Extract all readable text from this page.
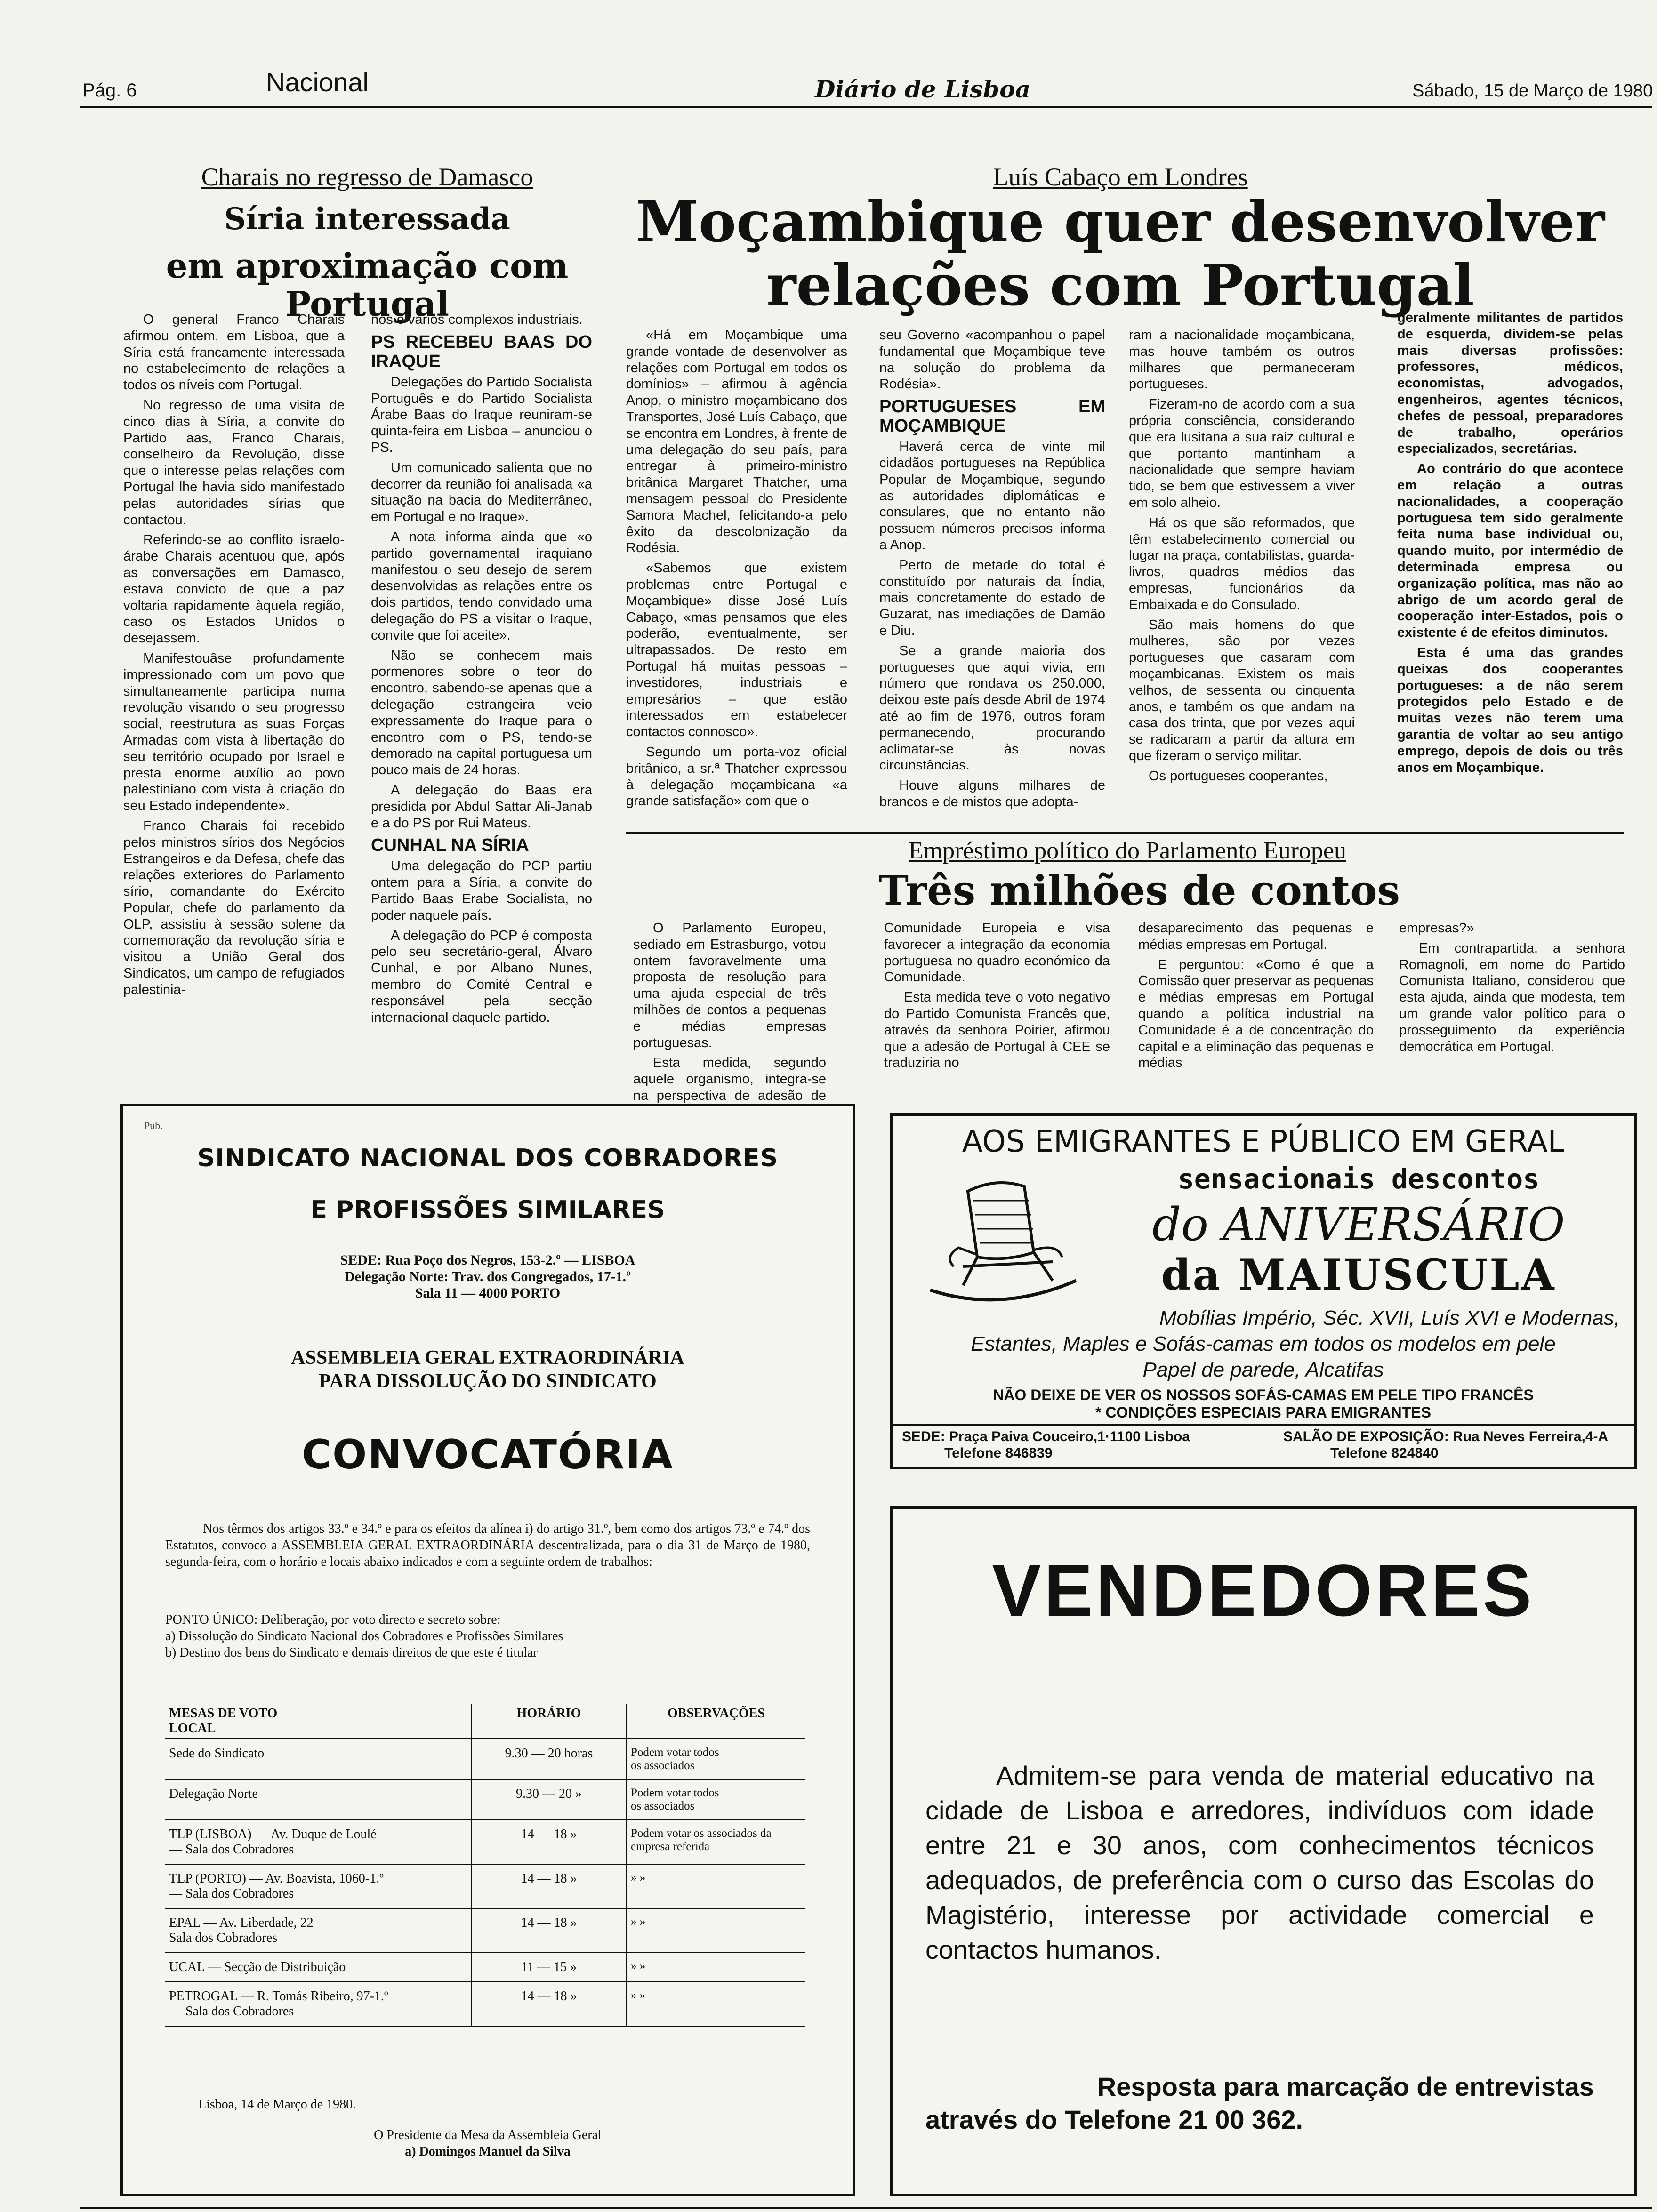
Pág. 6	Nacional	Diário de Lisboa	Sábado, 15 de Março de 1980
Charais no regresso de Damasco
Síria interessada
em aproximação com Portugal

O general Franco Charais afirmou ontem, em Lisboa, que a Síria está francamente interessada no estabelecimento de relações a todos os níveis com Portugal.

No regresso de uma visita de cinco dias à Síria, a convite do Partido aas, Franco Charais, conselheiro da Revolução, disse que o interesse pelas relações com Portugal lhe havia sido manifestado pelas autoridades sírias que contactou.

Referindo-se ao conflito israelo-árabe Charais acentuou que, após as conversações em Damasco, estava convicto de que a paz voltaria rapidamente àquela região, caso os Estados Unidos o desejassem.

Manifestouâse profundamente impressionado com um povo que simultaneamente participa numa revolução visando o seu progresso social, reestrutura as suas Forças Armadas com vista à libertação do seu território ocupado por Israel e presta enorme auxílio ao povo palestiniano com vista à criação do seu Estado independente».

Franco Charais foi recebido pelos ministros sírios dos Negócios Estrangeiros e da Defesa, chefe das relações exteriores do Parlamento sírio, comandante do Exército Popular, chefe do parlamento da OLP, assistiu à sessão solene da comemoração da revolução síria e visitou a União Geral dos Sindicatos, um campo de refugiados palestinia-

nos e vários complexos industriais.

PS RECEBEU BAAS DO IRAQUE

Delegações do Partido Socialista Português e do Partido Socialista Árabe Baas do Iraque reuniram-se quinta-feira em Lisboa – anunciou o PS.

Um comunicado salienta que no decorrer da reunião foi analisada «a situação na bacia do Mediterrâneo, em Portugal e no Iraque».

A nota informa ainda que «o partido governamental iraquiano manifestou o seu desejo de serem desenvolvidas as relações entre os dois partidos, tendo convidado uma delegação do PS a visitar o Iraque, convite que foi aceite».

Não se conhecem mais pormenores sobre o teor do encontro, sabendo-se apenas que a delegação estrangeira veio expressamente do Iraque para o encontro com o PS, tendo-se demorado na capital portuguesa um pouco mais de 24 horas.

A delegação do Baas era presidida por Abdul Sattar Ali-Janab e a do PS por Rui Mateus.

CUNHAL NA SÍRIA

Uma delegação do PCP partiu ontem para a Síria, a convite do Partido Baas Erabe Socialista, no poder naquele país.

A delegação do PCP é composta pelo seu secretário-geral, Álvaro Cunhal, e por Albano Nunes, membro do Comité Central e responsável pela secção internacional daquele partido.

Luís Cabaço em Londres
Moçambique quer desenvolver
relações com Portugal

«Há em Moçambique uma grande vontade de desenvolver as relações com Portugal em todos os domínios» – afirmou à agência Anop, o ministro moçambicano dos Transportes, José Luís Cabaço, que se encontra em Londres, à frente de uma delegação do seu país, para entregar à primeiro-ministro britânica Margaret Thatcher, uma mensagem pessoal do Presidente Samora Machel, felicitando-a pelo êxito da descolonização da Rodésia.

«Sabemos que existem problemas entre Portugal e Moçambique» disse José Luís Cabaço, «mas pensamos que eles poderão, eventualmente, ser ultrapassados. De resto em Portugal há muitas pessoas – investidores, industriais e empresários – que estão interessados em estabelecer contactos connosco».

Segundo um porta-voz oficial britânico, a sr.ª Thatcher expressou à delegação moçambicana «a grande satisfação» com que o

seu Governo «acompanhou o papel fundamental que Moçambique teve na solução do problema da Rodésia».

PORTUGUESES EM MOÇAMBIQUE

Haverá cerca de vinte mil cidadãos portugueses na República Popular de Moçambique, segundo as autoridades diplomáticas e consulares, que no entanto não possuem números precisos informa a Anop.

Perto de metade do total é constituído por naturais da Índia, mais concretamente do estado de Guzarat, nas imediações de Damão e Diu.

Se a grande maioria dos portugueses que aqui vivia, em número que rondava os 250.000, deixou este país desde Abril de 1974 até ao fim de 1976, outros foram permanecendo, procurando aclimatar-se às novas circunstâncias.

Houve alguns milhares de brancos e de mistos que adopta-

ram a nacionalidade moçambicana, mas houve também os outros milhares que permaneceram portugueses.

Fizeram-no de acordo com a sua própria consciência, considerando que era lusitana a sua raiz cultural e que portanto mantinham a nacionalidade que sempre haviam tido, se bem que estivessem a viver em solo alheio.

Há os que são reformados, que têm estabelecimento comercial ou lugar na praça, contabilistas, guarda-livros, quadros médios das empresas, funcionários da Embaixada e do Consulado.

São mais homens do que mulheres, são por vezes portugueses que casaram com moçambicanas. Existem os mais velhos, de sessenta ou cinquenta anos, e também os que andam na casa dos trinta, que por vezes aqui se radicaram a partir da altura em que fizeram o serviço militar.

Os portugueses cooperantes,

geralmente militantes de partidos de esquerda, dividem-se pelas mais diversas profissões: professores, médicos, economistas, advogados, engenheiros, agentes técnicos, chefes de pessoal, preparadores de trabalho, operários especializados, secretárias.

Ao contrário do que acontece em relação a outras nacionalidades, a cooperação portuguesa tem sido geralmente feita numa base individual ou, quando muito, por intermédio de determinada empresa ou organização política, mas não ao abrigo de um acordo geral de cooperação inter-Estados, pois o existente é de efeitos diminutos.

Esta é uma das grandes queixas dos cooperantes portugueses: a de não serem protegidos pelo Estado e de muitas vezes não terem uma garantia de voltar ao seu antigo emprego, depois de dois ou três anos em Moçambique.

Empréstimo político do Parlamento Europeu
Três milhões de contos

O Parlamento Europeu, sediado em Estrasburgo, votou ontem favoravelmente uma proposta de resolução para uma ajuda especial de três milhões de contos a pequenas e médias empresas portuguesas.

Esta medida, segundo aquele organismo, integra-se na perspectiva de adesão de

Comunidade Europeia e visa favorecer a integração da economia portuguesa no quadro económico da Comunidade.

Esta medida teve o voto negativo do Partido Comunista Francês que, através da senhora Poirier, afirmou que a adesão de Portugal à CEE se traduziria no

desaparecimento das pequenas e médias empresas em Portugal.

E perguntou: «Como é que a Comissão quer preservar as pequenas e médias empresas em Portugal quando a política industrial na Comunidade é a de concentração do capital e a eliminação das pequenas e médias

empresas?»

Em contrapartida, a senhora Romagnoli, em nome do Partido Comunista Italiano, considerou que esta ajuda, ainda que modesta, tem um grande valor político para o prosseguimento da experiência democrática em Portugal.

Pub.
SINDICATO NACIONAL DOS COBRADORES
E PROFISSÕES SIMILARES
SEDE: Rua Poço dos Negros, 153-2.º — LISBOA
Delegação Norte: Trav. dos Congregados, 17-1.º
Sala 11 — 4000 PORTO
ASSEMBLEIA GERAL EXTRAORDINÁRIA
PARA DISSOLUÇÃO DO SINDICATO
CONVOCATÓRIA
Nos têrmos dos artigos 33.º e 34.º e para os efeitos da alínea i) do artigo 31.º, bem como dos artigos 73.º e 74.º dos Estatutos, convoco a ASSEMBLEIA GERAL EXTRAORDINÁRIA descentralizada, para o dia 31 de Março de 1980, segunda-feira, com o horário e locais abaixo indicados e com a seguinte ordem de trabalhos:
PONTO ÚNICO: Deliberação, por voto directo e secreto sobre:
a) Dissolução do Sindicato Nacional dos Cobradores e Profissões Similares
b) Destino dos bens do Sindicato e demais direitos de que este é titular
MESAS DE VOTO
LOCAL	HORÁRIO	OBSERVAÇÕES
Sede do Sindicato	9.30 — 20 horas	Podem votar todos
os associados
Delegação Norte	9.30 — 20 »	Podem votar todos
os associados
TLP (LISBOA) — Av. Duque de Loulé
— Sala dos Cobradores	14 — 18 »	Podem votar os associados da empresa referida
TLP (PORTO) — Av. Boavista, 1060-1.º
— Sala dos Cobradores	14 — 18 »	» »
EPAL — Av. Liberdade, 22
Sala dos Cobradores	14 — 18 »	» »
UCAL — Secção de Distribuição	11 — 15 »	» »
PETROGAL — R. Tomás Ribeiro, 97-1.º
— Sala dos Cobradores	14 — 18 »	» »
Lisboa, 14 de Março de 1980.
O Presidente da Mesa da Assembleia Geral
a) Domingos Manuel da Silva
AOS EMIGRANTES E PÚBLICO EM GERAL
sensacionais descontos
do ANIVERSÁRIO
da MAIUSCULA
Mobílias Império, Séc. XVII, Luís XVI e Modernas,
Estantes, Maples e Sofás-camas em todos os modelos em pele
Papel de parede, Alcatifas
NÃO DEIXE DE VER OS NOSSOS SOFÁS-CAMAS EM PELE TIPO FRANCÊS
* CONDIÇÕES ESPECIAIS PARA EMIGRANTES
SEDE: Praça Paiva Couceiro,1·1100 Lisboa
Telefone 846839
SALÃO DE EXPOSIÇÃO: Rua Neves Ferreira,4-A
Telefone 824840
VENDEDORES
Admitem-se para venda de material educativo na cidade de Lisboa e arredores, indivíduos com idade entre 21 e 30 anos, com conhecimentos técnicos adequados, de preferência com o curso das Escolas do Magistério, interesse por actividade comercial e contactos humanos.
Resposta para marcação de entrevistas
através do Telefone 21 00 362.
